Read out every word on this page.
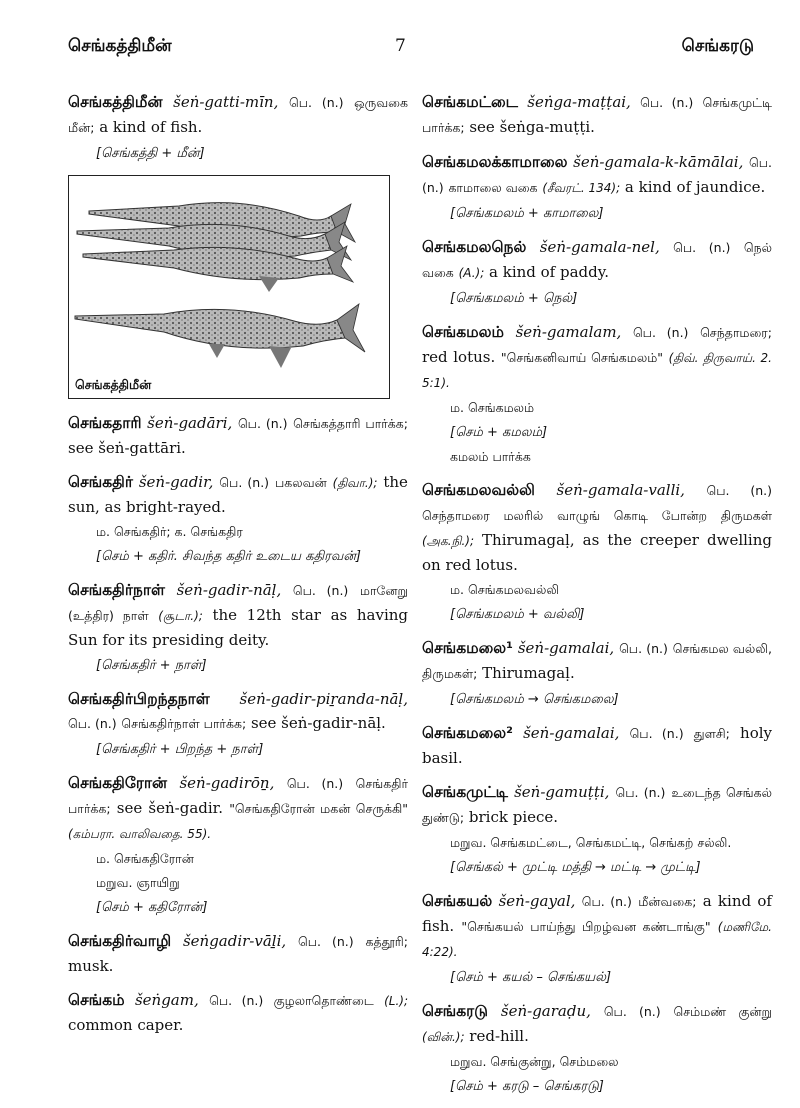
செங்கத்திமீன்	7	செங்கரடு

செங்கத்திமீன் šeṅ-gatti-mīn, பெ. (n.) ஒருவகை மீன்; a kind of fish.

[செங்கத்தி + மீன்]

செங்கத்திமீன்

செங்கதாரி šeṅ-gadāri, பெ. (n.) செங்கத்தாரி பார்க்க; see šeṅ-gattāri.

செங்கதிர் šeṅ-gadir, பெ. (n.) பகலவன் (திவா.); the sun, as bright-rayed.

ம. செங்கதிர்; க. செங்கதிர

[செம் + கதிர். சிவந்த கதிர் உடைய கதிரவன்]

செங்கதிர்நாள் šeṅ-gadir-nāḷ, பெ. (n.) மானேறு (உத்திர) நாள் (சூடா.); the 12th star as having Sun for its presiding deity.

[செங்கதிர் + நாள்]

செங்கதிர்பிறந்தநாள் šeṅ-gadir-piṟanda-nāḷ, பெ. (n.) செங்கதிர்நாள் பார்க்க; see šeṅ-gadir-nāḷ.

[செங்கதிர் + பிறந்த + நாள்]

செங்கதிரோன் šeṅ-gadirōṉ, பெ. (n.) செங்கதிர் பார்க்க; see šeṅ-gadir. "செங்கதிரோன் மகன் செருக்கி" (கம்பரா. வாலிவதை. 55).

ம. செங்கதிரோன்

மறுவ. ஞாயிறு

[செம் + கதிரோன்]

செங்கதிர்வாழி šeṅgadir-vāḻi, பெ. (n.) கத்தூரி; musk.

செங்கம் šeṅgam, பெ. (n.) குழலாதொண்டை (L.); common caper.

செங்கமட்டை šeṅga-maṭṭai, பெ. (n.) செங்கமுட்டி பார்க்க; see šeṅga-muṭṭi.

செங்கமலக்காமாலை šeṅ-gamala-k-kāmālai, பெ. (n.) காமாலை வகை (சீவரட். 134); a kind of jaundice.

[செங்கமலம் + காமாலை]

செங்கமலநெல் šeṅ-gamala-nel, பெ. (n.) நெல் வகை (A.); a kind of paddy.

[செங்கமலம் + நெல்]

செங்கமலம் šeṅ-gamalam, பெ. (n.) செந்தாமரை; red lotus. "செங்கனிவாய் செங்கமலம்" (திவ். திருவாய். 2. 5:1).

ம. செங்கமலம்

[செம் + கமலம்]

கமலம் பார்க்க

செங்கமலவல்லி šeṅ-gamala-valli, பெ. (n.) செந்தாமரை மலரில் வாழுங் கொடி போன்ற திருமகள் (அக.நி.); Thirumagaḷ, as the creeper dwelling on red lotus.

ம. செங்கமலவல்லி

[செங்கமலம் + வல்லி]

செங்கமலை¹ šeṅ-gamalai, பெ. (n.) செங்கமல வல்லி, திருமகள்; Thirumagaḷ.

[செங்கமலம் → செங்கமலை]

செங்கமலை² šeṅ-gamalai, பெ. (n.) துளசி; holy basil.

செங்கமுட்டி šeṅ-gamuṭṭi, பெ. (n.) உடைந்த செங்கல் துண்டு; brick piece.

மறுவ. செங்கமட்டை, செங்கமட்டி, செங்கற் சல்லி.

[செங்கல் + முட்டி மத்தி → மட்டி → முட்டி]

செங்கயல் šeṅ-gayal, பெ. (n.) மீன்வகை; a kind of fish. "செங்கயல் பாய்ந்து பிறழ்வன கண்டாங்கு" (மணிமே. 4:22).

[செம் + கயல் – செங்கயல்]

செங்கரடு šeṅ-garaḍu, பெ. (n.) செம்மண் குன்று (வின்.); red-hill.

மறுவ. செங்குன்று, செம்மலை

[செம் + கரடு – செங்கரடு]
